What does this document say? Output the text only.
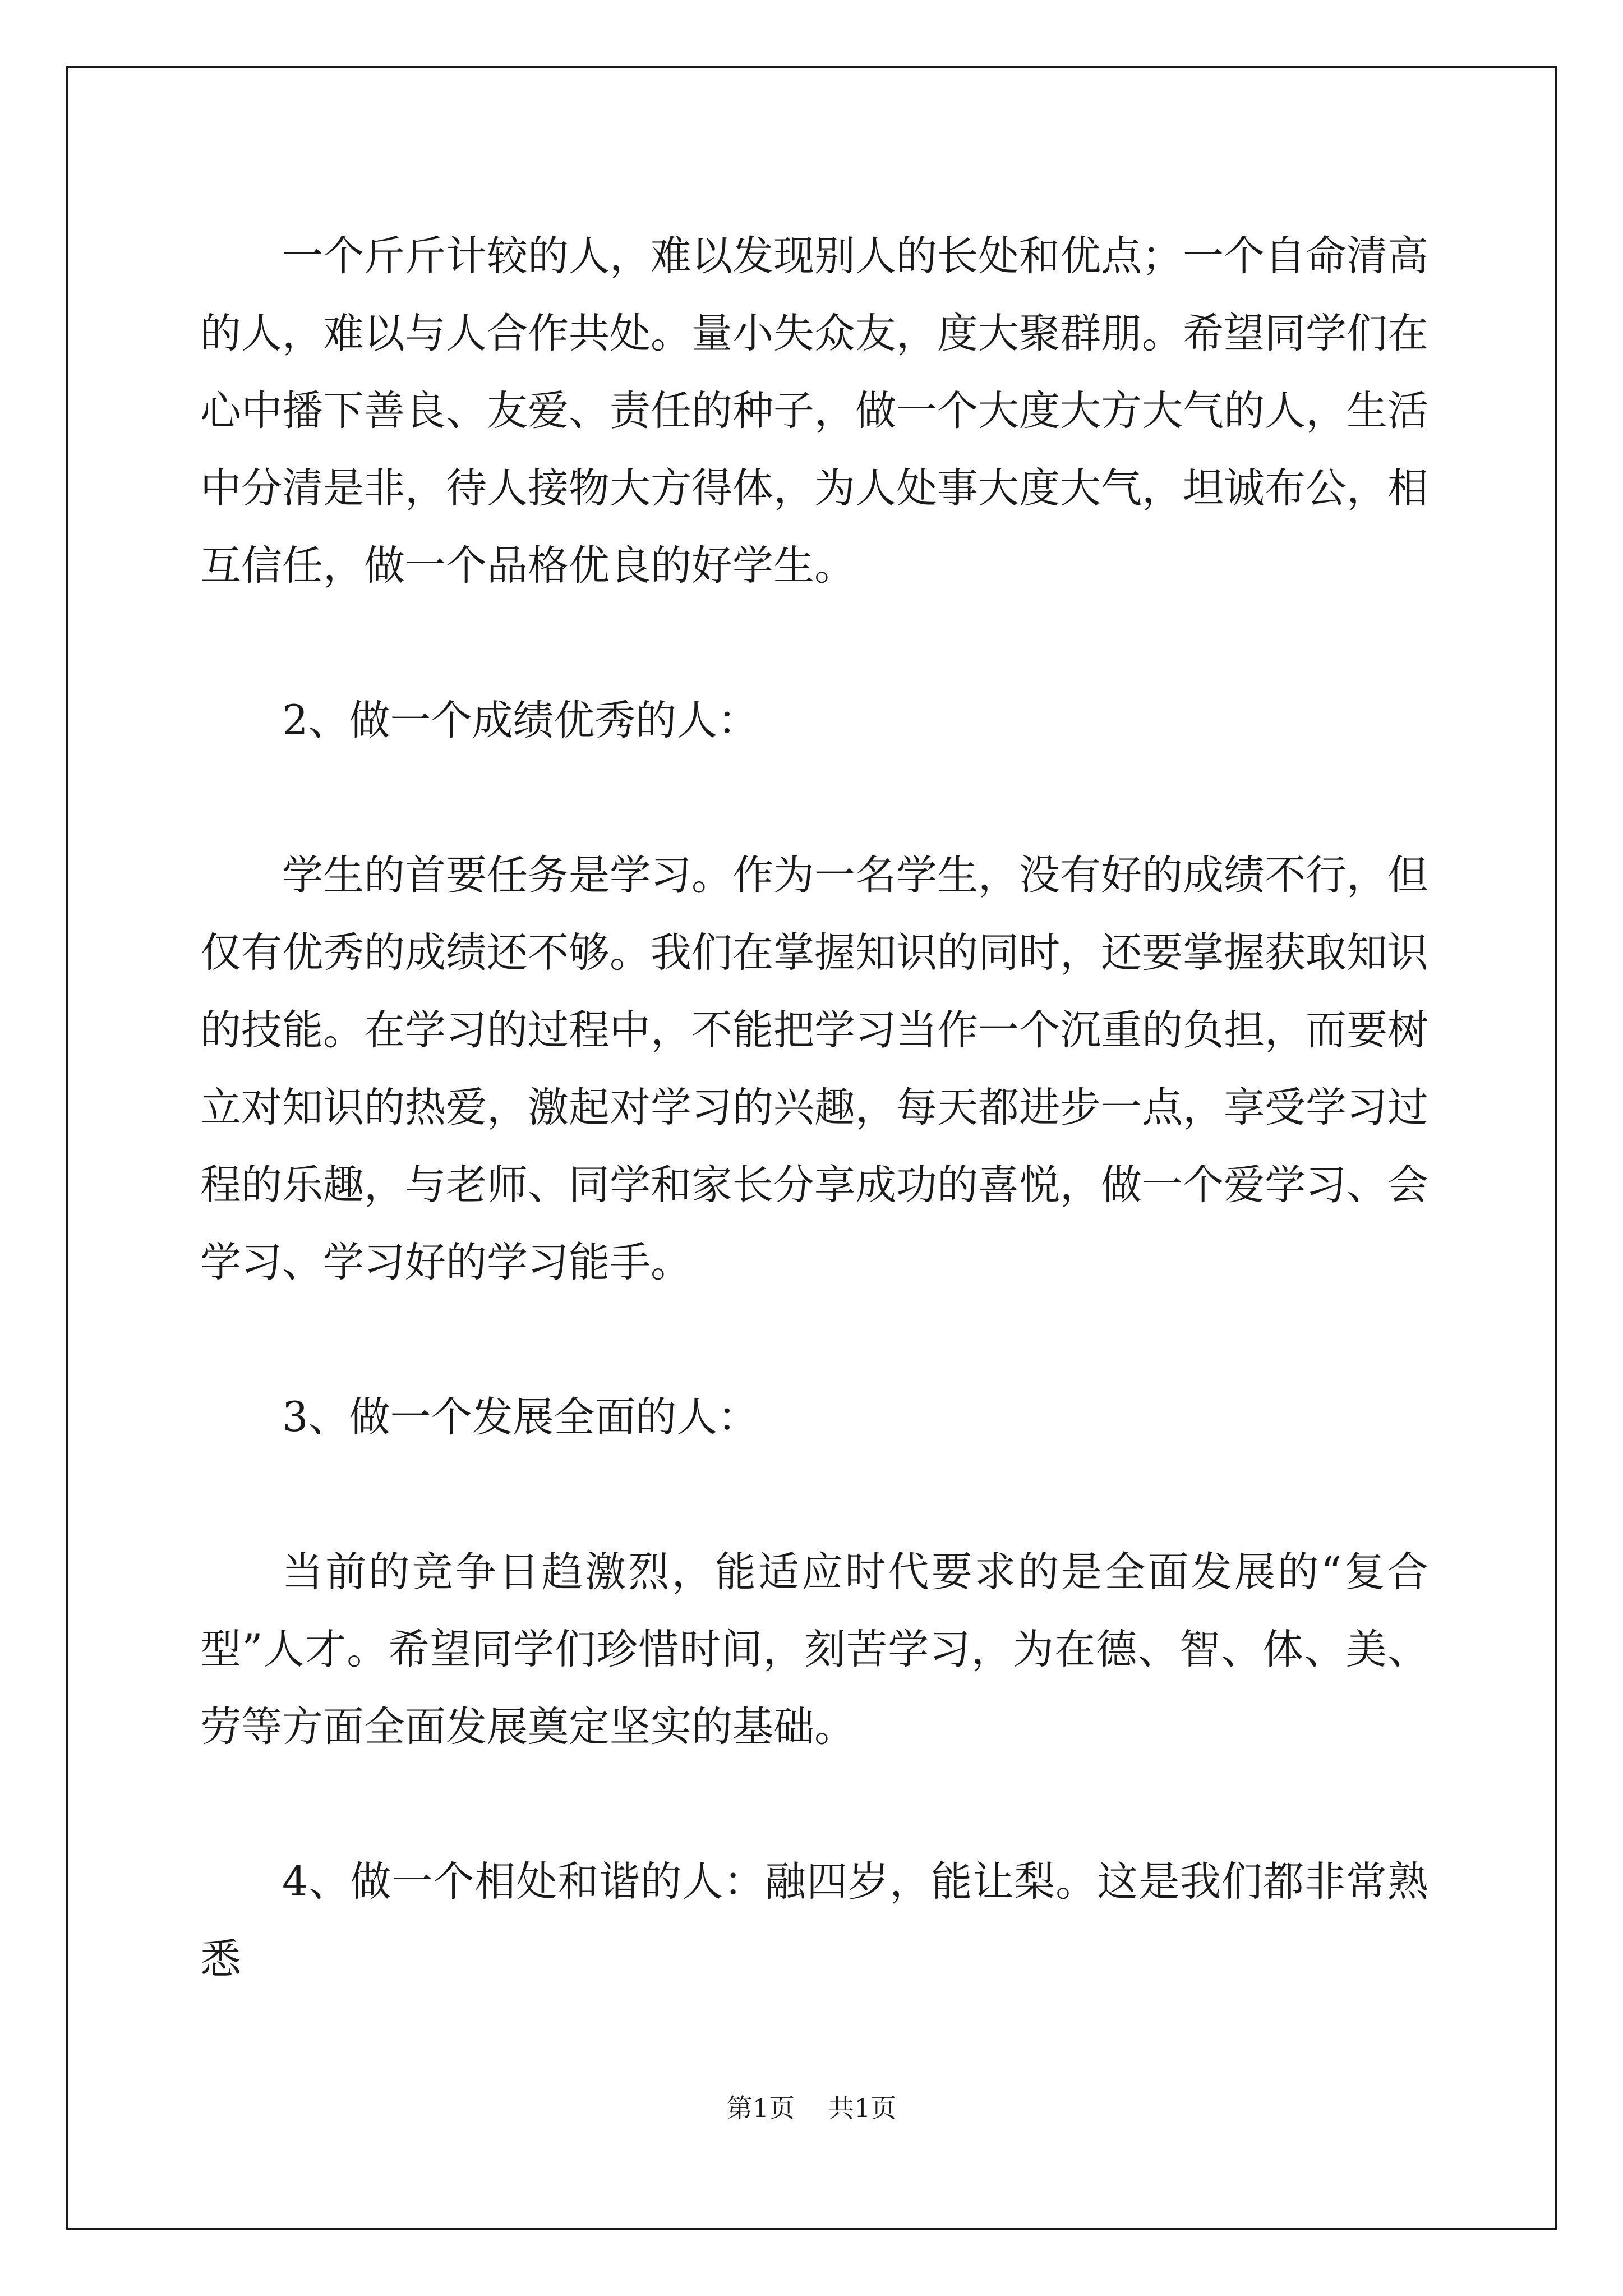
一个斤斤计较的人，难以发现别人的长处和优点；一个自命清高的人，难以与人合作共处。量小失众友，度大聚群朋。希望同学们在心中播下善良、友爱、责任的种子，做一个大度大方大气的人，生活中分清是非，待人接物大方得体，为人处事大度大气，坦诚布公，相互信任，做一个品格优良的好学生。

2、做一个成绩优秀的人：

学生的首要任务是学习。作为一名学生，没有好的成绩不行，但仅有优秀的成绩还不够。我们在掌握知识的同时，还要掌握获取知识的技能。在学习的过程中，不能把学习当作一个沉重的负担，而要树立对知识的热爱，激起对学习的兴趣，每天都进步一点，享受学习过程的乐趣，与老师、同学和家长分享成功的喜悦，做一个爱学习、会学习、学习好的学习能手。

3、做一个发展全面的人：

当前的竞争日趋激烈，能适应时代要求的是全面发展的“复合型”人才。希望同学们珍惜时间，刻苦学习，为在德、智、体、美、劳等方面全面发展奠定坚实的基础。

4、做一个相处和谐的人：融四岁，能让梨。这是我们都非常熟悉

第1页 共1页
